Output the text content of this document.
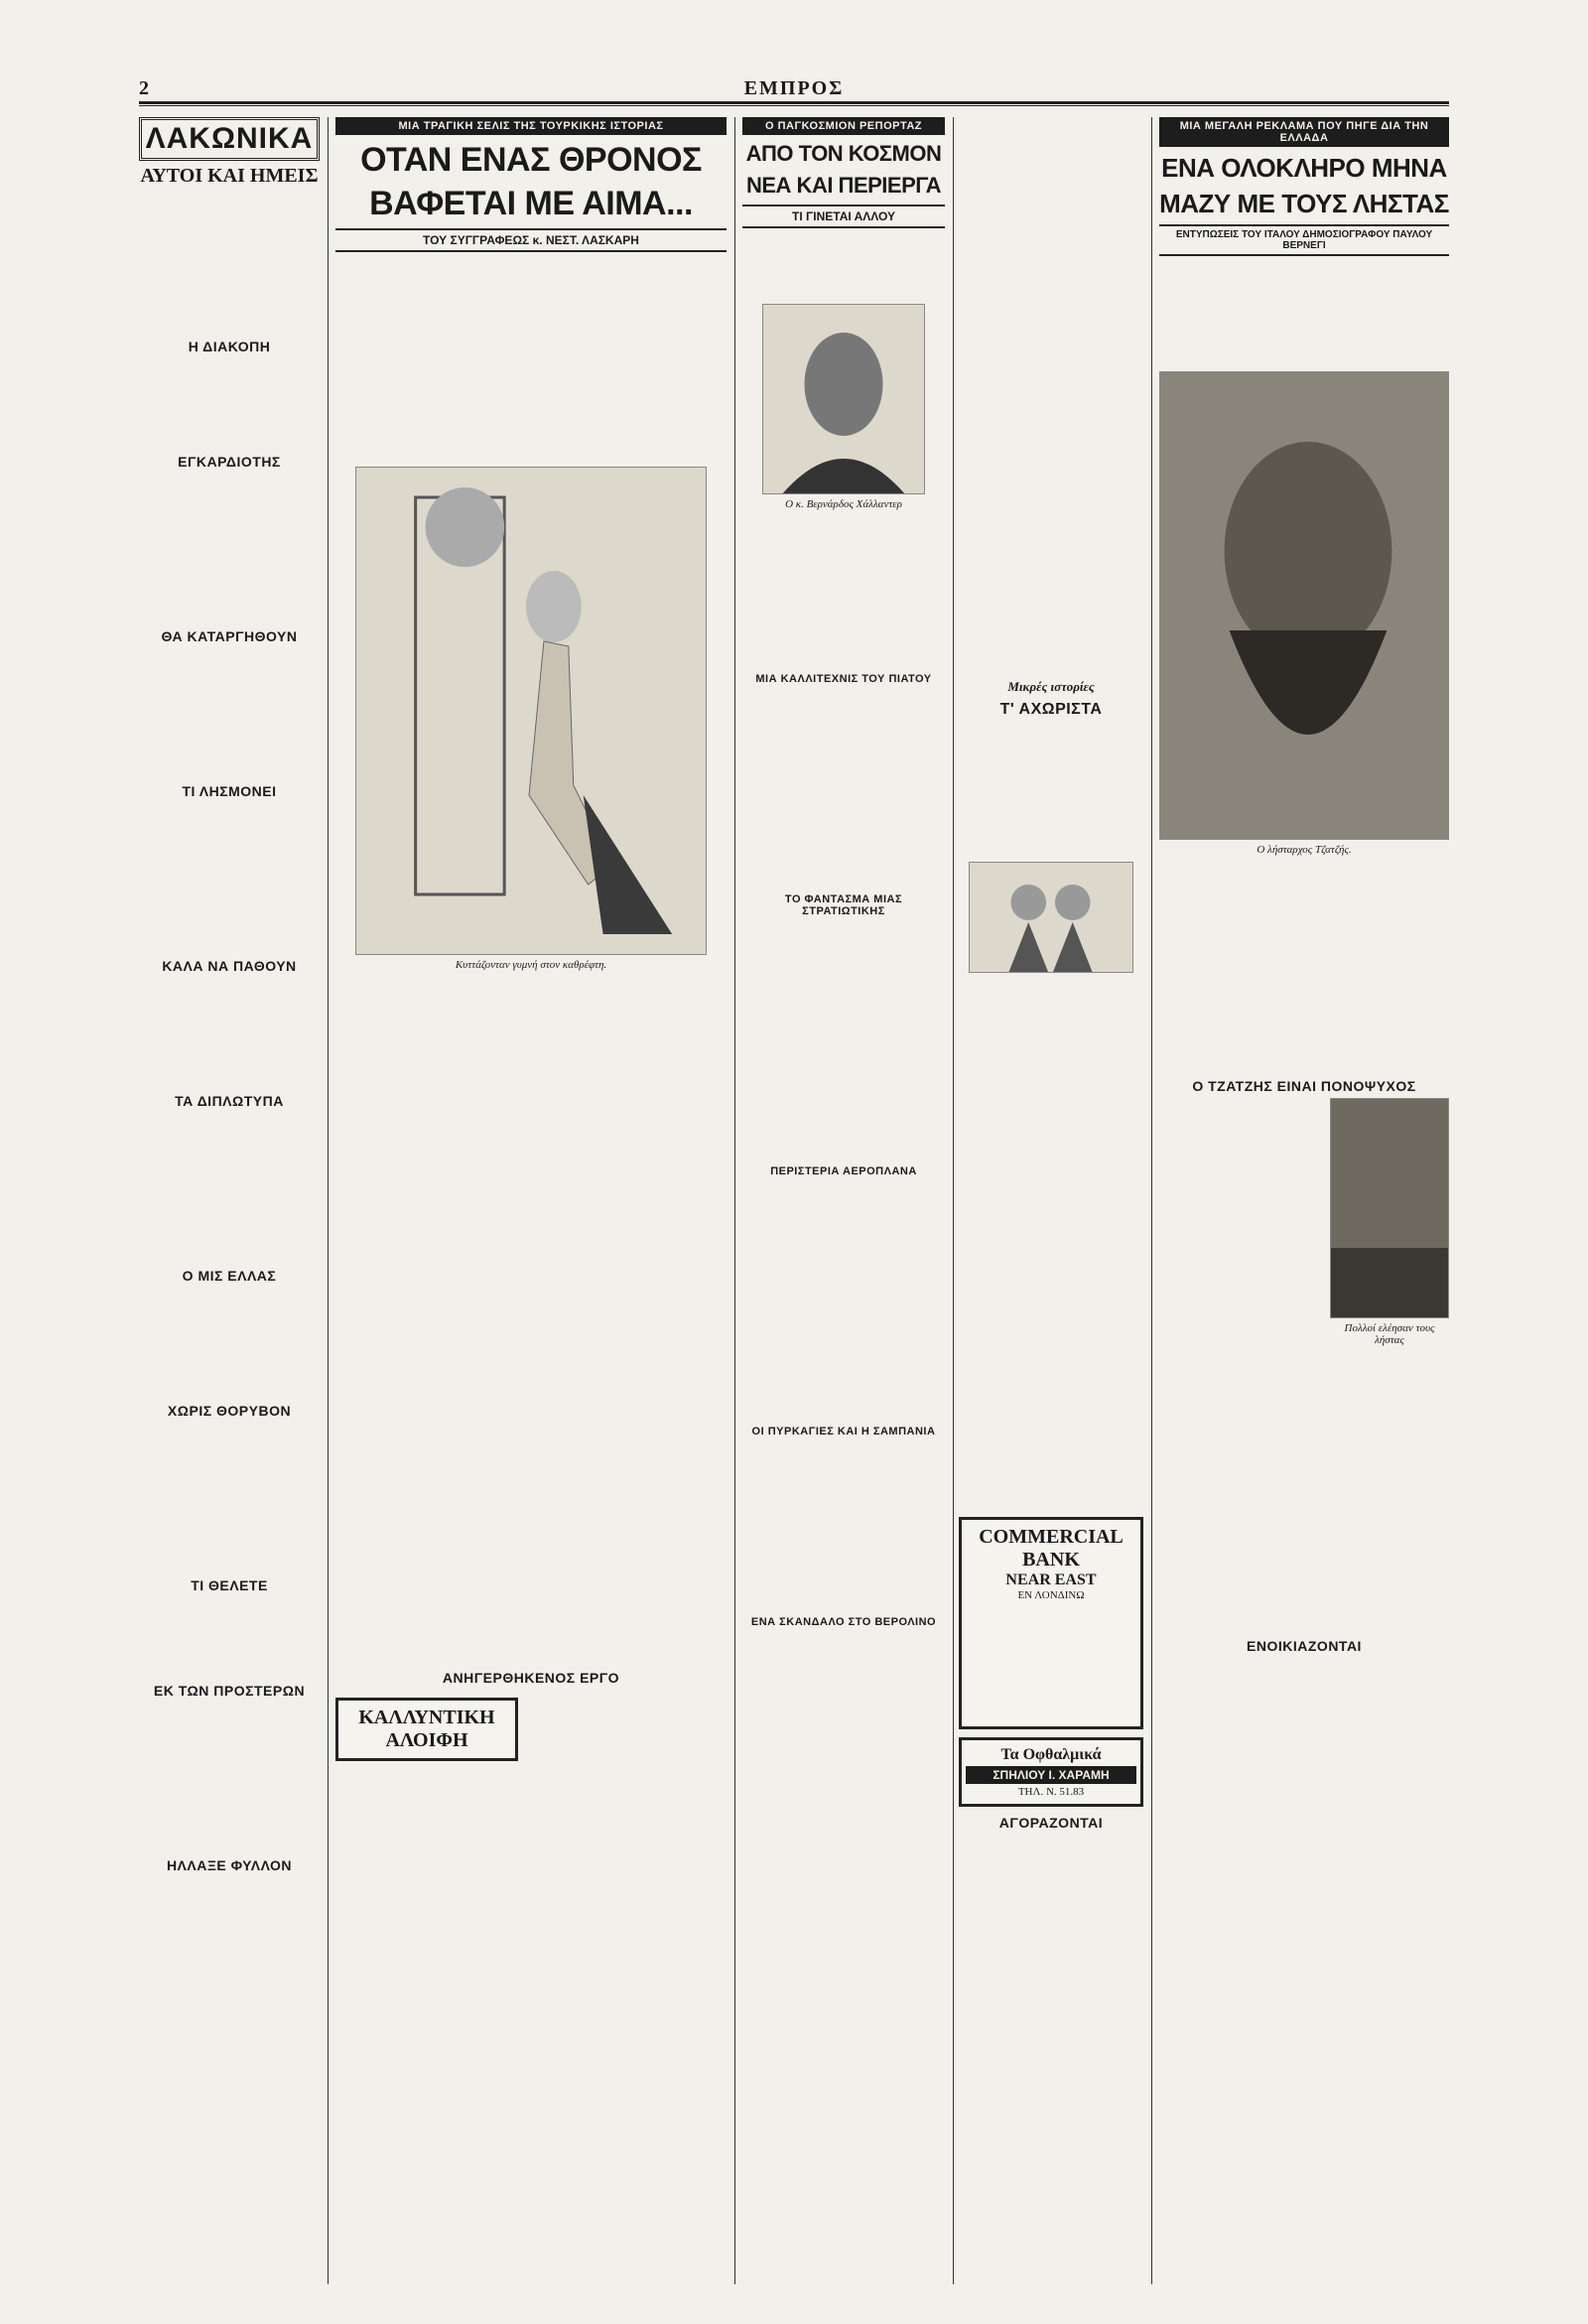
2	ΕΜΠΡΟΣ
ΛΑΚΩΝΙΚΑ
ΑΥΤΟΙ ΚΑΙ ΗΜΕΙΣ

Η ΔΙΑΚΟΠΗ
ΕΓΚΑΡΔΙΟΤΗΣ
ΘΑ ΚΑΤΑΡΓΗΘΟΥΝ
ΤΙ ΛΗΣΜΟΝΕΙ
ΚΑΛΑ ΝΑ ΠΑΘΟΥΝ
ΤΑ ΔΙΠΛΩΤΥΠΑ
Ο ΜΙΣ ΕΛΛΑΣ
ΧΩΡΙΣ ΘΟΡΥΒΟΝ
ΤΙ ΘΕΛΕΤΕ
ΕΚ ΤΩΝ ΠΡΟΣΤΕΡΩΝ
ΗΛΛΑΞΕ ΦΥΛΛΟΝ
ΜΙΑ ΤΡΑΓΙΚΗ ΣΕΛΙΣ ΤΗΣ ΤΟΥΡΚΙΚΗΣ ΙΣΤΟΡΙΑΣ
ΟΤΑΝ ΕΝΑΣ ΘΡΟΝΟΣ
ΒΑΦΕΤΑΙ ΜΕ ΑΙΜΑ...
ΤΟΥ ΣΥΓΓΡΑΦΕΩΣ κ. ΝΕΣΤ. ΛΑΣΚΑΡΗ
Κυττάζονταν γυμνή στον καθρέφτη.
ΑΝΗΓΕΡΘΗΚΕΝΟΣ ΕΡΓΟ
ΚΑΛΛΥΝΤΙΚΗ ΑΛΟΙΦΗ
Ο ΠΑΓΚΟΣΜΙΟΝ ΡΕΠΟΡΤΑΖ
ΑΠΟ ΤΟΝ ΚΟΣΜΟΝ
ΝΕΑ ΚΑΙ ΠΕΡΙΕΡΓΑ
ΤΙ ΓΙΝΕΤΑΙ ΑΛΛΟΥ
Ο κ. Βερνάρδος Χάλλαντερ
ΜΙΑ ΚΑΛΛΙΤΕΧΝΙΣ ΤΟΥ ΠΙΑΤΟΥ
ΤΟ ΦΑΝΤΑΣΜΑ ΜΙΑΣ ΣΤΡΑΤΙΩΤΙΚΗΣ
ΠΕΡΙΣΤΕΡΙΑ ΑΕΡΟΠΛΑΝΑ
ΟΙ ΠΥΡΚΑΓΙΕΣ ΚΑΙ Η ΣΑΜΠΑΝΙΑ
ΕΝΑ ΣΚΑΝΔΑΛΟ ΣΤΟ ΒΕΡΟΛΙΝΟ
Μικρές ιστορίες
Τ' ΑΧΩΡΙΣΤΑ
COMMERCIAL BANK
NEAR EAST
ΕΝ ΛΟΝΔΙΝΩ
Τα Οφθαλμικά
ΣΠΗΛΙΟΥ Ι. ΧΑΡΑΜΗ
ΤΗΛ. Ν. 51.83
ΑΓΟΡΑΖΟΝΤΑΙ
ΜΙΑ ΜΕΓΑΛΗ ΡΕΚΛΑΜΑ ΠΟΥ ΠΗΓΕ ΔΙΑ ΤΗΝ ΕΛΛΑΔΑ
ΕΝΑ ΟΛΟΚΛΗΡΟ ΜΗΝΑ
ΜΑΖΥ ΜΕ ΤΟΥΣ ΛΗΣΤΑΣ
ΕΝΤΥΠΩΣΕΙΣ ΤΟΥ ΙΤΑΛΟΥ ΔΗΜΟΣΙΟΓΡΑΦΟΥ ΠΑΥΛΟΥ ΒΕΡΝΕΓΙ
Ο λήσταρχος Τζατζής.
Ο ΤΖΑΤΖΗΣ ΕΙΝΑΙ ΠΟΝΟΨΥΧΟΣ
Πολλοί ελέησαν τους λήστας
ΕΝΟΙΚΙΑΖΟΝΤΑΙ
